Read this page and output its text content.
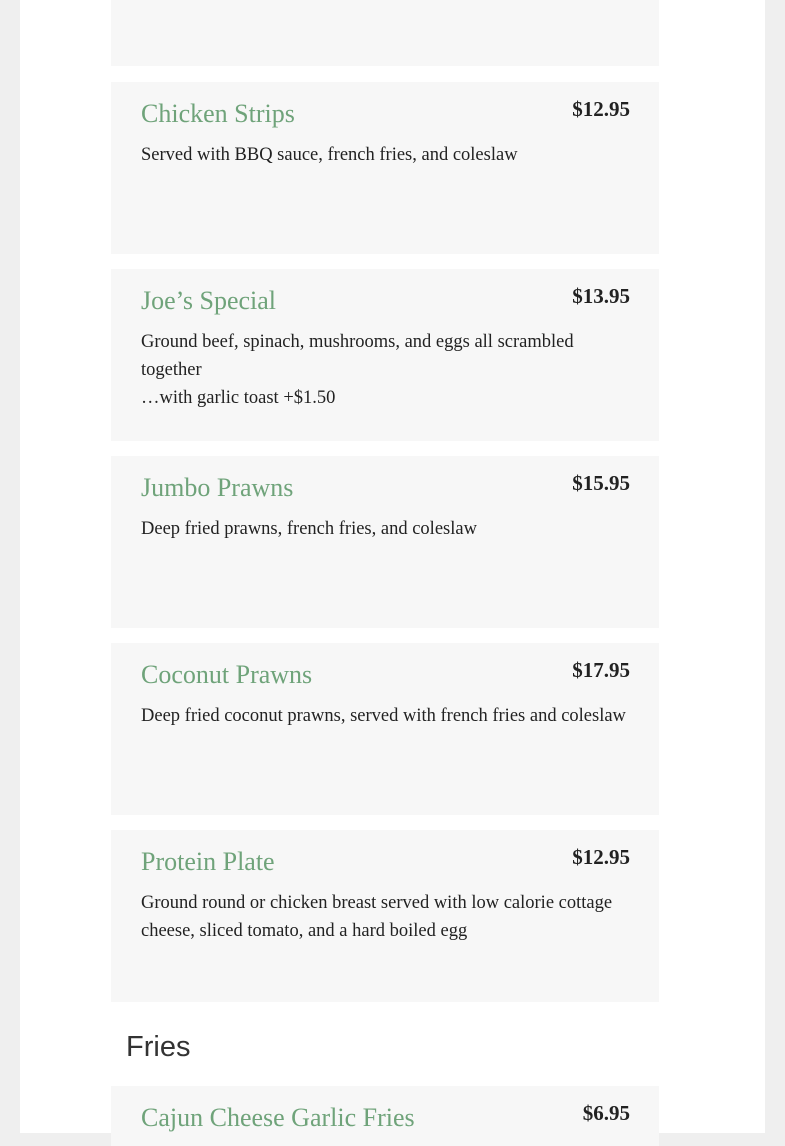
Chicken Strips	$12.95
Served with BBQ sauce, french fries, and coleslaw
Joe’s Special	$13.95
Ground beef, spinach, mushrooms, and eggs all scrambled together
…with garlic toast +$1.50
Jumbo Prawns	$15.95
Deep fried prawns, french fries, and coleslaw
Coconut Prawns	$17.95
Deep fried coconut prawns, served with french fries and coleslaw
Protein Plate	$12.95
Ground round or chicken breast served with low calorie cottage cheese, sliced tomato, and a hard boiled egg
Fries
Cajun Cheese Garlic Fries	$6.95
